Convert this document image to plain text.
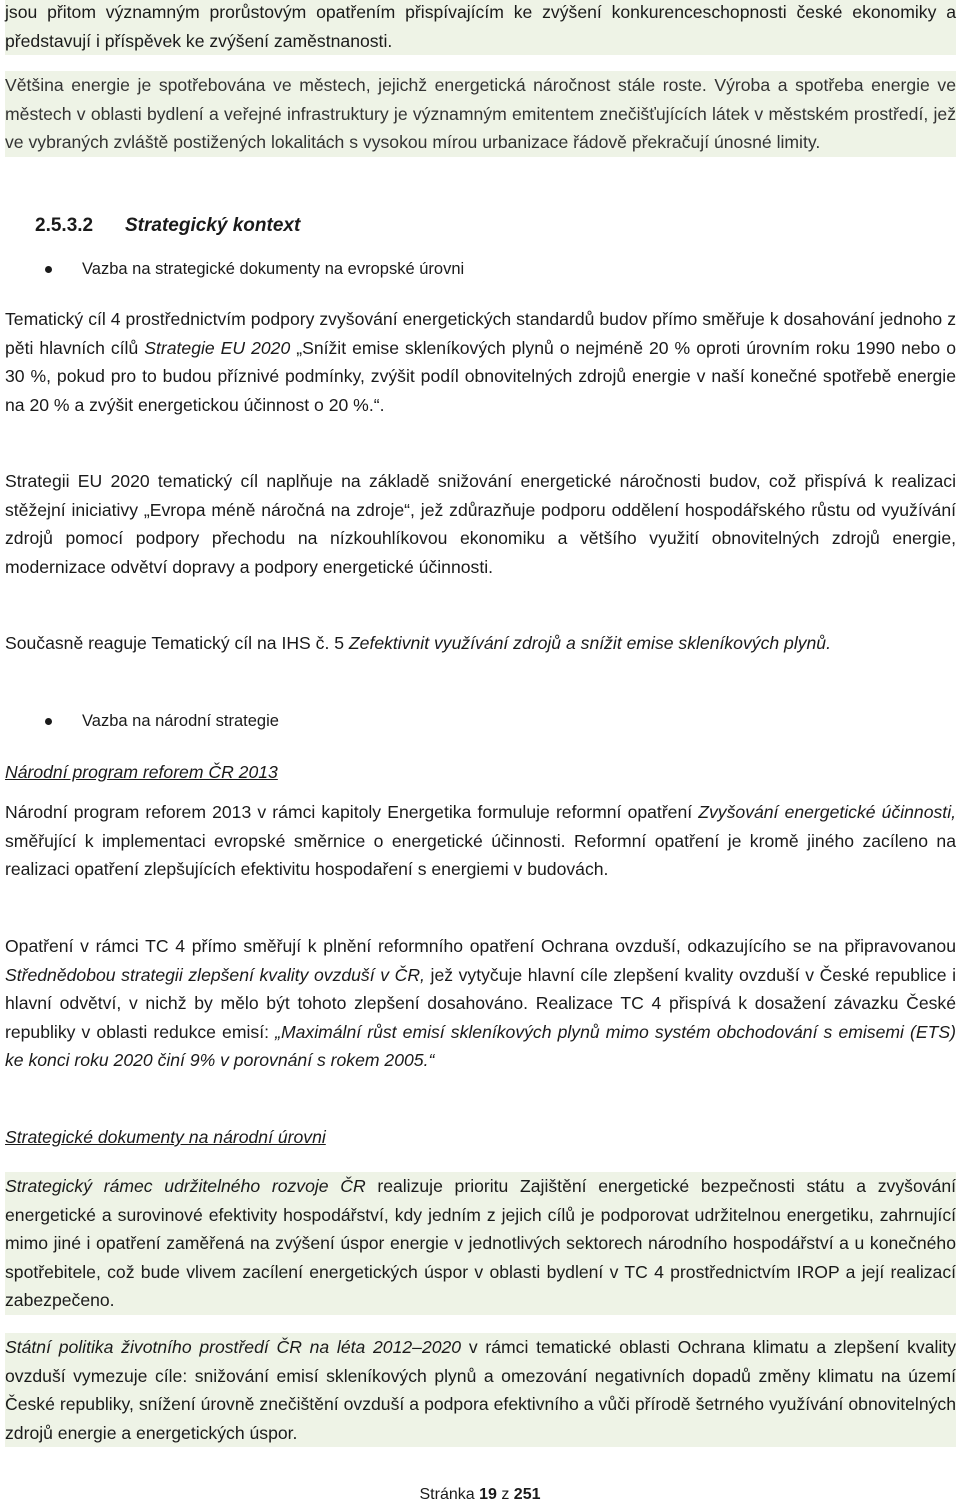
jsou přitom významným prorůstovým opatřením přispívajícím ke zvýšení konkurenceschopnosti české ekonomiky a představují i příspěvek ke zvýšení zaměstnanosti.

Většina energie je spotřebována ve městech, jejichž energetická náročnost stále roste. Výroba a spotřeba energie ve městech v oblasti bydlení a veřejné infrastruktury je významným emitentem znečišťujících látek v městském prostředí, jež ve vybraných zvláště postižených lokalitách s vysokou mírou urbanizace řádově překračují únosné limity.

2.5.3.2	Strategický kontext

Vazba na strategické dokumenty na evropské úrovni

Tematický cíl 4 prostřednictvím podpory zvyšování energetických standardů budov přímo směřuje k dosahování jednoho z pěti hlavních cílů Strategie EU 2020 „Snížit emise skleníkových plynů o nejméně 20 % oproti úrovním roku 1990 nebo o 30 %, pokud pro to budou příznivé podmínky, zvýšit podíl obnovitelných zdrojů energie v naší konečné spotřebě energie na 20 % a zvýšit energetickou účinnost o 20 %.“.

Strategii EU 2020 tematický cíl naplňuje na základě snižování energetické náročnosti budov, což přispívá k realizaci stěžejní iniciativy „Evropa méně náročná na zdroje“, jež zdůrazňuje podporu oddělení hospodářského růstu od využívání zdrojů pomocí podpory přechodu na nízkouhlíkovou ekonomiku a většího využití obnovitelných zdrojů energie, modernizace odvětví dopravy a podpory energetické účinnosti.

Současně reaguje Tematický cíl na IHS č. 5 Zefektivnit využívání zdrojů a snížit emise skleníkových plynů.

Vazba na národní strategie

Národní program reforem ČR 2013

Národní program reforem 2013 v rámci kapitoly Energetika formuluje reformní opatření Zvyšování energetické účinnosti, směřující k implementaci evropské směrnice o energetické účinnosti. Reformní opatření je kromě jiného zacíleno na realizaci opatření zlepšujících efektivitu hospodaření s energiemi v budovách.

Opatření v rámci TC 4 přímo směřují k plnění reformního opatření Ochrana ovzduší, odkazujícího se na připravovanou Střednědobou strategii zlepšení kvality ovzduší v ČR, jež vytyčuje hlavní cíle zlepšení kvality ovzduší v České republice i hlavní odvětví, v nichž by mělo být tohoto zlepšení dosahováno. Realizace TC 4 přispívá k dosažení závazku České republiky v oblasti redukce emisí: „Maximální růst emisí skleníkových plynů mimo systém obchodování s emisemi (ETS) ke konci roku 2020 činí 9% v porovnání s rokem 2005.“

Strategické dokumenty na národní úrovni

Strategický rámec udržitelného rozvoje ČR realizuje prioritu Zajištění energetické bezpečnosti státu a zvyšování energetické a surovinové efektivity hospodářství, kdy jedním z jejich cílů je podporovat udržitelnou energetiku, zahrnující mimo jiné i opatření zaměřená na zvýšení úspor energie v jednotlivých sektorech národního hospodářství a u konečného spotřebitele, což bude vlivem zacílení energetických úspor v oblasti bydlení v TC 4 prostřednictvím IROP a její realizací zabezpečeno.

Státní politika životního prostředí ČR na léta 2012–2020 v rámci tematické oblasti Ochrana klimatu a zlepšení kvality ovzduší vymezuje cíle: snižování emisí skleníkových plynů a omezování negativních dopadů změny klimatu na území České republiky, snížení úrovně znečištění ovzduší a podpora efektivního a vůči přírodě šetrného využívání obnovitelných zdrojů energie a energetických úspor.

Stránka 19 z 251
